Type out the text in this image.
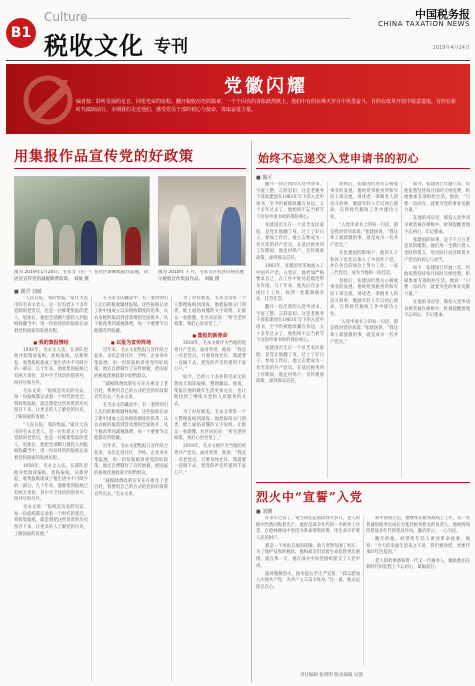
B1
Culture
税收文化 专刊
中国税务报
CHINA TAXATION NEWS
2019年4月24日
党徽闪耀
编者按：聆听发展的足音，回望光荣的征程。翻开税收历史的篇章，一个个闪亮的身影跃然纸上。他们中有的在烽火岁月中英勇奋斗，有的在改革开放中锐意进取，有的在新时代砥砺前行。本期我们走近他们，感受党员干部的初心与使命，汲取奋进力量。
用集报作品宣传党的好政策
图为 2019年1月20日，毛永文（右一）在社区讲解集报作品展，向居民宣传党的减税降费政策。 刘敏 摄
图为 2018年 7 月，毛永文在社区向居民展示税收宣传集报作品。 刘敏 摄
■ 谢君 刘敏

“人民日报，我的集报。”家住大连市的毛永文老人，是一位有着五十多年党龄的老党员，也是一位痴迷集报的老人。退休后，他把全部精力都投入到报纸收藏当中，用一份份珍贵的报纸记录着党和国家的发展历程。

■ 我的集报情结

1958年，毛永文入伍，在部队里他开始阅读报纸、剪贴报纸。从那时起，收集报纸就成了他生活中不可缺少的一部分。几十年来，他收集的报纸已有两万余份，其中不乏珍贵的创刊号、终刊号和号外。

毛永文说：“报纸是历史的见证，每一份报纸都记录着一个时代的变迁。我收集报纸，就是想把这些珍贵的历史留存下来，让更多的人了解党的历史，了解国家的发展。”

“人民日报，我的集报。”家住大连市的毛永文老人，是一位有着五十多年党龄的老党员，也是一位痴迷集报的老人。退休后，他把全部精力都投入到报纸收藏当中，用一份份珍贵的报纸记录着党和国家的发展历程。

1958年，毛永文入伍，在部队里他开始阅读报纸、剪贴报纸。从那时起，收集报纸就成了他生活中不可缺少的一部分。几十年来，他收集的报纸已有两万余份，其中不乏珍贵的创刊号、终刊号和号外。

毛永文说：“报纸是历史的见证，每一份报纸都记录着一个时代的变迁。我收集报纸，就是想把这些珍贵的历史留存下来，让更多的人了解党的历史，了解国家的发展。”

在毛永文的藏品中，有一套特别引人注目的税收题材报纸。这些报纸记录了新中国成立以来税收制度的沿革，从农业税的取消到营改增的全面推开，从个税改革到减税降费，每一个重要节点他都有所收藏。

■ 以报为宣传阵地

近年来，毛永文把集报与宣传结合起来，多次走进社区、学校、企业举办集报展，用一份份报纸讲述党的好政策。他还自费制作了宣传展板，把国家的税收优惠政策介绍给群众。

“减税降费政策实实在在惠及了老百姓，我要用自己的方式把党的好政策宣传出去。”毛永文说。

在毛永文的藏品中，有一套特别引人注目的税收题材报纸。这些报纸记录了新中国成立以来税收制度的沿革，从农业税的取消到营改增的全面推开，从个税改革到减税降费，每一个重要节点他都有所收藏。

近年来，毛永文把集报与宣传结合起来，多次走进社区、学校、企业举办集报展，用一份份报纸讲述党的好政策。他还自费制作了宣传展板，把国家的税收优惠政策介绍给群众。

“减税降费政策实实在在惠及了老百姓，我要用自己的方式把党的好政策宣传出去。”毛永文说。

为了办好展览，毛永文常常一个人整理报纸到深夜。他把报纸分门别类，配上通俗易懂的文字说明，让群众一看就懂。社区居民说：“听毛老讲政策，我们心里亮堂了。”

■ 集报的新使命

2018年，毛永文被评为当地的优秀共产党员。面对荣誉，他说：“我是一名老党员，只要身体允许，我就要一直做下去，把党的声音传递到千家万户。”

如今，已经八十多岁的毛永文依然每天阅读报纸、整理藏品。他说，集报让他的晚年生活更加充实，也让他找到了继续为党和人民服务的方式。

为了办好展览，毛永文常常一个人整理报纸到深夜。他把报纸分门别类，配上通俗易懂的文字说明，让群众一看就懂。社区居民说：“听毛老讲政策，我们心里亮堂了。”

2018年，毛永文被评为当地的优秀共产党员。面对荣誉，他说：“我是一名老党员，只要身体允许，我就要一直做下去，把党的声音传递到千家万户。”

始终不忘递交入党申请书的初心
■ 魏平

翻开一份泛黄的入党申请书，字迹工整，言辞恳切。这是老税务干部张建国在1963年写下的入党申请书，至今仍被他珍藏在身边。五十多年过去了，他始终不忘当初写下这份申请书时的那份初心。

张建国出生在一个贫苦农民家庭，是党让他翻了身，过上了好日子。参加工作后，他立志要成为一名光荣的共产党员。在基层税务所工作期间，他走村串户，宣传税收政策，深得群众信任。

1965年，张建国光荣地加入了中国共产党。入党后，他更加严格要求自己，在工作中处处起模范带头作用。几十年来，他先后在多个岗位上工作，每到一处都兢兢业业、任劳任怨。

翻开一份泛黄的入党申请书，字迹工整，言辞恳切。这是老税务干部张建国在1963年写下的入党申请书，至今仍被他珍藏在身边。五十多年过去了，他始终不忘当初写下这份申请书时的那份初心。

张建国出生在一个贫苦农民家庭，是党让他翻了身，过上了好日子。参加工作后，他立志要成为一名光荣的共产党员。在基层税务所工作期间，他走村串户，宣传税收政策，深得群众信任。

退休后，张建国仍然关心税收事业的发展。他经常到税务所和年轻干部交流，讲述老一辈税务人的奋斗故事，勉励年轻人牢记初心使命，在新时代税收工作中建功立业。

“入党申请书上的每一句话，都是我对党的承诺。”张建国说，“我这辈子最骄傲的事，就是成为一名共产党员。”

在张建国的影响下，他的儿子和孙子也先后加入了中国共产党，并在各自的岗位上努力工作。一家三代党员，成为当地的一段佳话。

退休后，张建国仍然关心税收事业的发展。他经常到税务所和年轻干部交流，讲述老一辈税务人的奋斗故事，勉励年轻人牢记初心使命，在新时代税收工作中建功立业。

“入党申请书上的每一句话，都是我对党的承诺。”张建国说，“我这辈子最骄傲的事，就是成为一名共产党员。”

如今，张建国已年逾八旬，但他依然坚持每月按时交纳党费，积极参加支部组织生活。他说：“只要一息尚存，就要为党的事业贡献力量。”

在他的书房里，那份入党申请书被装裱在相框中，时刻提醒着他不忘初心、牢记使命。

张建国的故事，是千千万万老党员的缩影。他们用一生践行着入党时的誓言，用实际行动诠释着共产党员的初心与担当。

如今，张建国已年逾八旬，但他依然坚持每月按时交纳党费，积极参加支部组织生活。他说：“只要一息尚存，就要为党的事业贡献力量。”

在他的书房里，那份入党申请书被装裱在相框中，时刻提醒着他不忘初心、牢记使命。

烈火中“宣誓”入党
■ 刘鹏

许多年过去了，每当回忆起那段烽火岁月，老人的眼中仍然闪烁着光芒。他曾是战争年代的一名税务工作者，在枪林弹雨中坚持为革命筹集经费，用生命守护着人民的财产。

那是一个风雨交加的夜晚，敌人突然包围了村庄。为了保护征收的税款，他和战友们冒着生命危险突出重围。就在那一天，他在战火中向党组织递交了入党申请。

面对熊熊烈火，他举起右手庄严宣誓：“我志愿加入中国共产党，为共产主义奋斗终身。”这一幕，他永远铭记在心。

新中国成立后，他继续在税务战线上工作，从一名普通的税务员成长为基层税务机关的负责人。他始终保持着战争年代的优良作风，廉洁奉公，一心为民。

晚年的他，经常给年轻人讲述革命故事。他说：“今天的幸福生活来之不易，我们要珍惜，更要传承好红色基因。”

老人的故事感染着一代又一代税务人，激励他们在新时代的征程上不忘初心、砥砺前行。

责任编辑 张明明 版式编辑 吴强
